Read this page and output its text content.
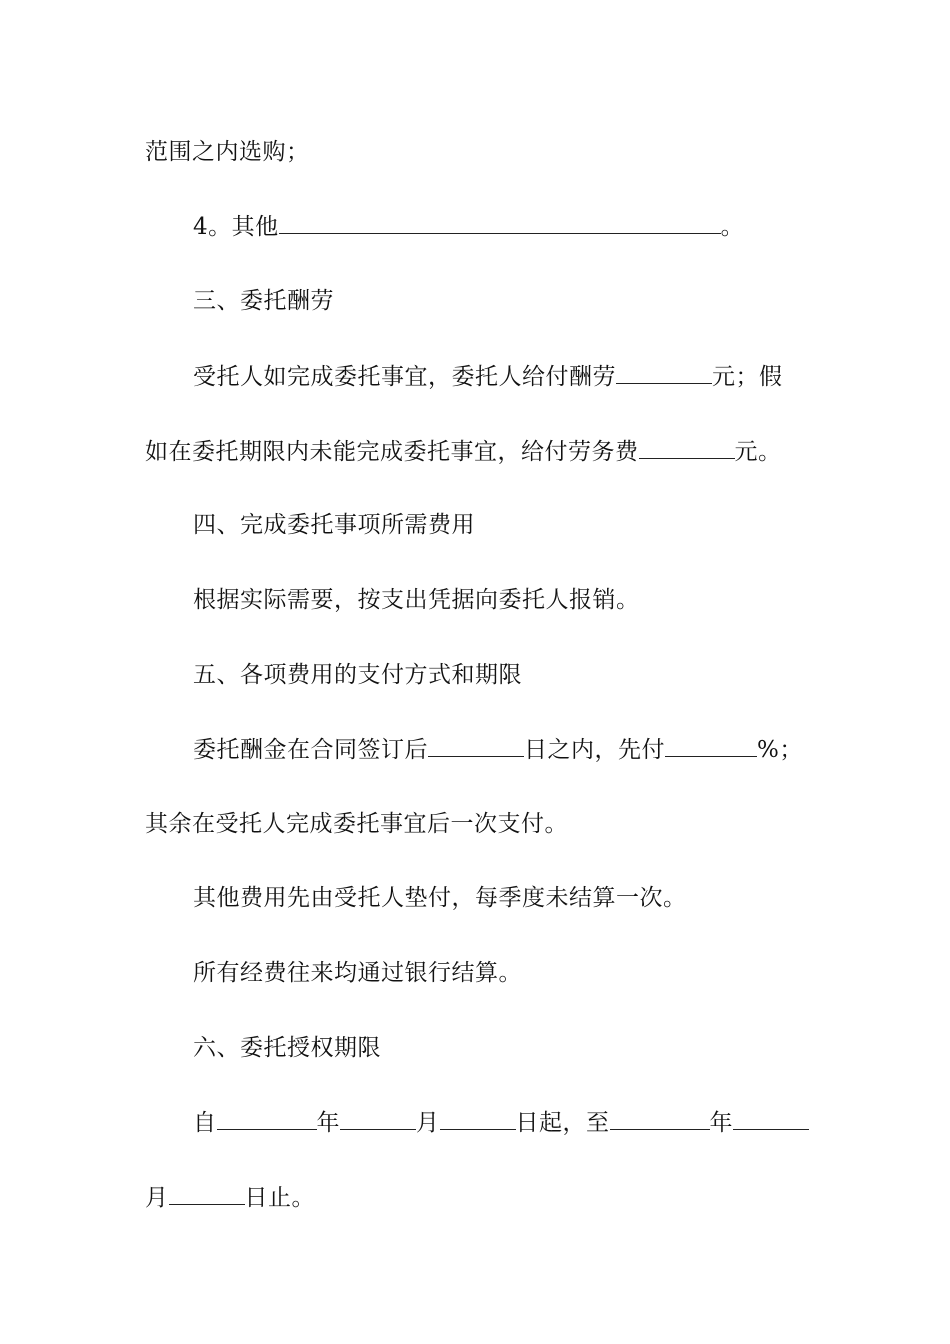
范围之内选购；
4。其他	。
三、委托酬劳
受托人如完成委托事宜，委托人给付酬劳	元；假
如在委托期限内未能完成委托事宜，给付劳务费	元。
四、完成委托事项所需费用
根据实际需要，按支出凭据向委托人报销。
五、各项费用的支付方式和期限
委托酬金在合同签订后	日之内，先付	%；
其余在受托人完成委托事宜后一次支付。
其他费用先由受托人垫付，每季度未结算一次。
所有经费往来均通过银行结算。
六、委托授权期限
自	年	月	日起，至	年
月	日止。
